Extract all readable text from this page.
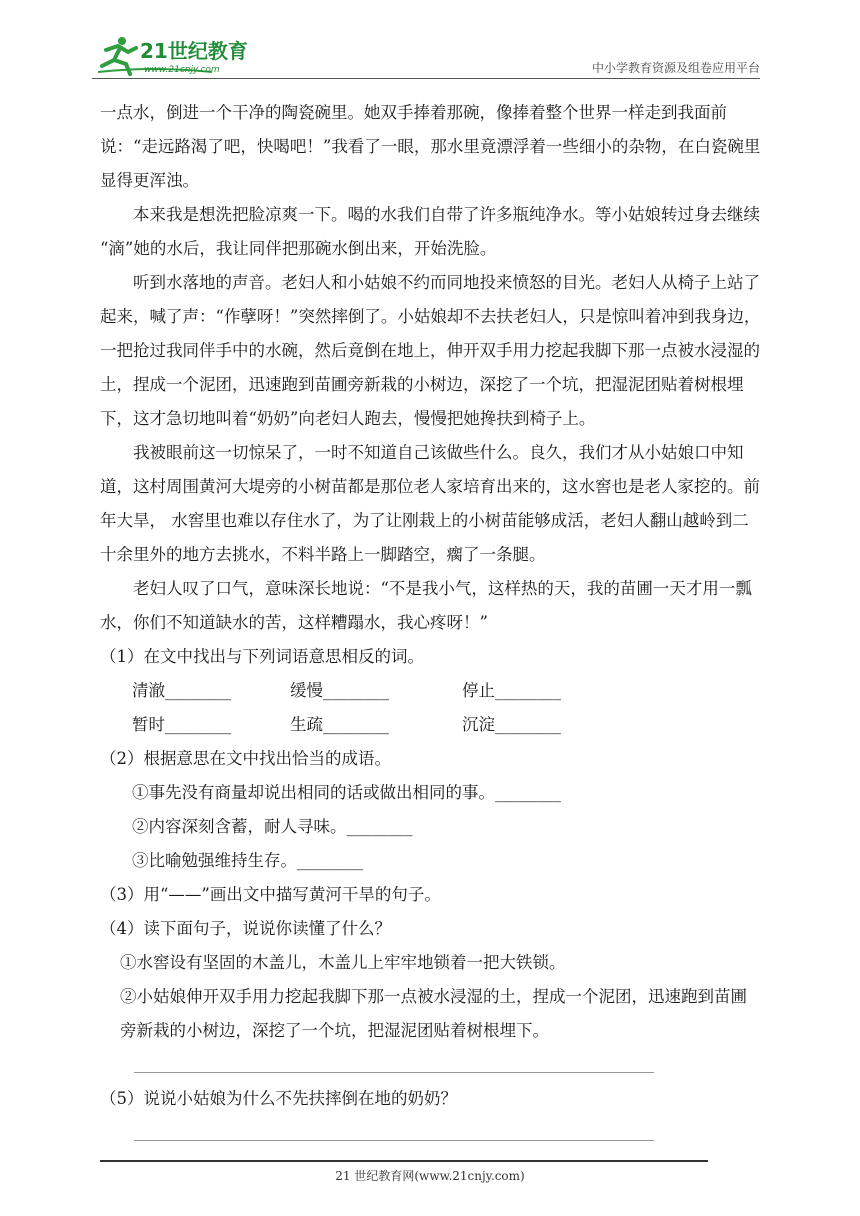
21世纪教育
www.21cnjy.com	中小学教育资源及组卷应用平台

一点水，倒进一个干净的陶瓷碗里。她双手捧着那碗，像捧着整个世界一样走到我面前说：“走远路渴了吧，快喝吧！”我看了一眼，那水里竟漂浮着一些细小的杂物，在白瓷碗里显得更浑浊。

本来我是想洗把脸凉爽一下。喝的水我们自带了许多瓶纯净水。等小姑娘转过身去继续 “滴”她的水后，我让同伴把那碗水倒出来，开始洗脸。

听到水落地的声音。老妇人和小姑娘不约而同地投来愤怒的目光。老妇人从椅子上站了起来，喊了声：“作孽呀！”突然摔倒了。小姑娘却不去扶老妇人，只是惊叫着冲到我身边，一把抢过我同伴手中的水碗，然后竟倒在地上，伸开双手用力挖起我脚下那一点被水浸湿的土，捏成一个泥团，迅速跑到苗圃旁新栽的小树边，深挖了一个坑，把湿泥团贴着树根埋下，这才急切地叫着“奶奶”向老妇人跑去，慢慢把她搀扶到椅子上。

我被眼前这一切惊呆了，一时不知道自己该做些什么。良久，我们才从小姑娘口中知道，这村周围黄河大堤旁的小树苗都是那位老人家培育出来的，这水窖也是老人家挖的。前年大旱， 水窖里也难以存住水了，为了让刚栽上的小树苗能够成活，老妇人翻山越岭到二十余里外的地方去挑水，不料半路上一脚踏空，瘸了一条腿。

老妇人叹了口气，意味深长地说：“不是我小气，这样热的天，我的苗圃一天才用一瓢水，你们不知道缺水的苦，这样糟蹋水，我心疼呀！”

（1）在文中找出与下列词语意思相反的词。

清澈________	缓慢________	停止________
暂时________	生疏________	沉淀________

（2）根据意思在文中找出恰当的成语。

①事先没有商量却说出相同的话或做出相同的事。________

②内容深刻含蓄，耐人寻味。________

③比喻勉强维持生存。________

（3）用“——”画出文中描写黄河干旱的句子。

（4）读下面句子，说说你读懂了什么？

①水窖设有坚固的木盖儿，木盖儿上牢牢地锁着一把大铁锁。

②小姑娘伸开双手用力挖起我脚下那一点被水浸湿的土，捏成一个泥团，迅速跑到苗圃旁新栽的小树边，深挖了一个坑，把湿泥团贴着树根埋下。

（5）说说小姑娘为什么不先扶摔倒在地的奶奶？

21 世纪教育网(www.21cnjy.com)
